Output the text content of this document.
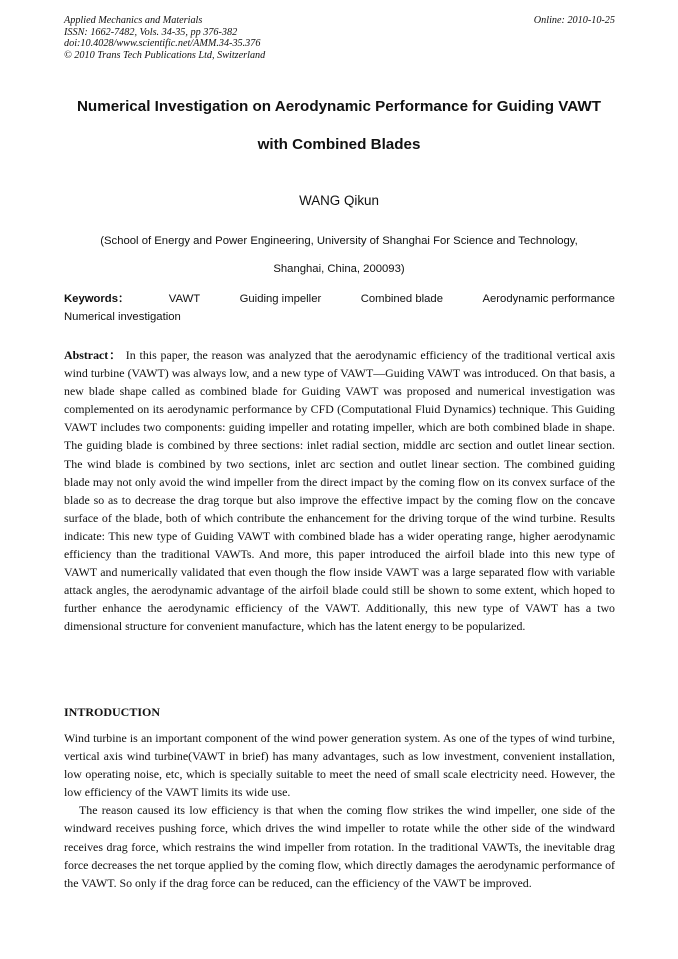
Applied Mechanics and Materials
ISSN: 1662-7482, Vols. 34-35, pp 376-382
doi:10.4028/www.scientific.net/AMM.34-35.376
© 2010 Trans Tech Publications Ltd, Switzerland
Online: 2010-10-25
Numerical Investigation on Aerodynamic Performance for Guiding VAWT
with Combined Blades
WANG Qikun
(School of Energy and Power Engineering, University of Shanghai For Science and Technology,
Shanghai, China, 200093)
Keywords：	VAWT	Guiding impeller	Combined blade	Aerodynamic performance
Numerical investigation
Abstract： In this paper, the reason was analyzed that the aerodynamic efficiency of the traditional vertical axis wind turbine (VAWT) was always low, and a new type of VAWT—Guiding VAWT was introduced. On that basis, a new blade shape called as combined blade for Guiding VAWT was proposed and numerical investigation was complemented on its aerodynamic performance by CFD (Computational Fluid Dynamics) technique. This Guiding VAWT includes two components: guiding impeller and rotating impeller, which are both combined blade in shape. The guiding blade is combined by three sections: inlet radial section, middle arc section and outlet linear section. The wind blade is combined by two sections, inlet arc section and outlet linear section. The combined guiding blade may not only avoid the wind impeller from the direct impact by the coming flow on its convex surface of the blade so as to decrease the drag torque but also improve the effective impact by the coming flow on the concave surface of the blade, both of which contribute the enhancement for the driving torque of the wind turbine. Results indicate: This new type of Guiding VAWT with combined blade has a wider operating range, higher aerodynamic efficiency than the traditional VAWTs. And more, this paper introduced the airfoil blade into this new type of VAWT and numerically validated that even though the flow inside VAWT was a large separated flow with variable attack angles, the aerodynamic advantage of the airfoil blade could still be shown to some extent, which hoped to further enhance the aerodynamic efficiency of the VAWT. Additionally, this new type of VAWT has a two dimensional structure for convenient manufacture, which has the latent energy to be popularized.
INTRODUCTION

Wind turbine is an important component of the wind power generation system. As one of the types of wind turbine, vertical axis wind turbine(VAWT in brief) has many advantages, such as low investment, convenient installation, low operating noise, etc, which is specially suitable to meet the need of small scale electricity need. However, the low efficiency of the VAWT limits its wide use.

The reason caused its low efficiency is that when the coming flow strikes the wind impeller, one side of the windward receives pushing force, which drives the wind impeller to rotate while the other side of the windward receives drag force, which restrains the wind impeller from rotation. In the traditional VAWTs, the inevitable drag force decreases the net torque applied by the coming flow, which directly damages the aerodynamic performance of the VAWT. So only if the drag force can be reduced, can the efficiency of the VAWT be improved.
